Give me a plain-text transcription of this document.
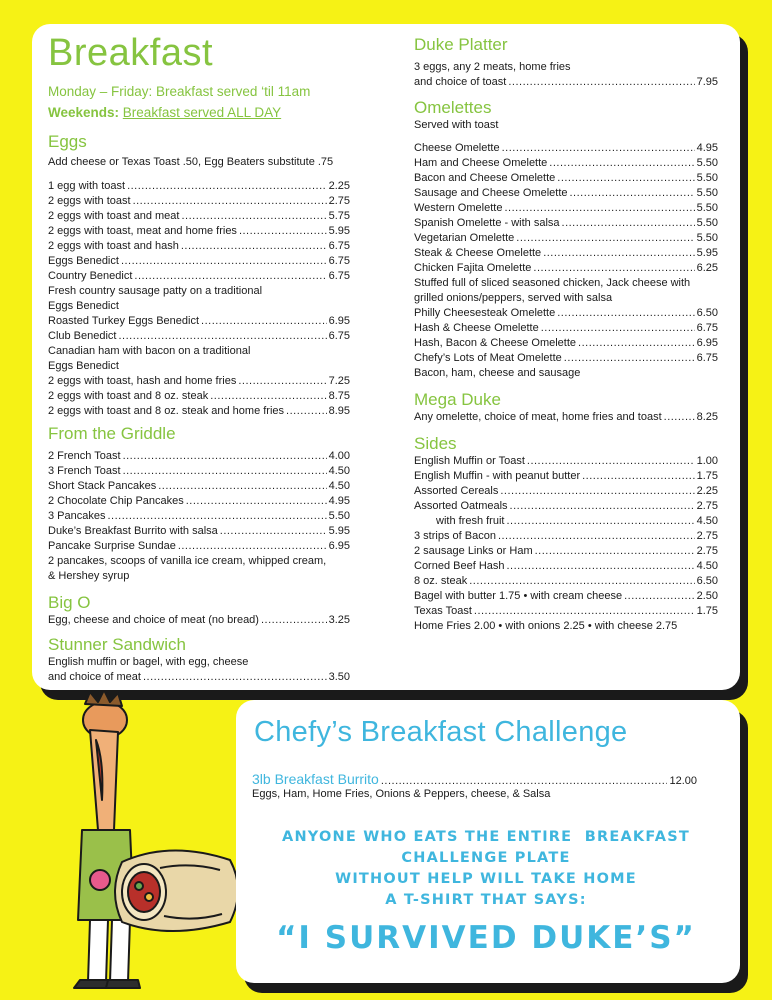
Breakfast
Monday – Friday: Breakfast served ‘til 11am
Weekends: Breakfast served ALL DAY
Eggs
Add cheese or Texas Toast .50, Egg Beaters substitute .75
1 egg with toast .....	2.25
2 eggs with toast .....	2.75
2 eggs with toast and meat .....	5.75
2 eggs with toast, meat and home fries .....	5.95
2 eggs with toast and hash .....	6.75
Eggs Benedict .....	6.75
Country Benedict .....	6.75
Fresh country sausage patty on a traditional
Eggs Benedict
Roasted Turkey Eggs Benedict .....	6.95
Club Benedict .....	6.75
Canadian ham with bacon on a traditional
Eggs Benedict
2 eggs with toast, hash and home fries .....	7.25
2 eggs with toast and 8 oz. steak .....	8.75
2 eggs with toast and 8 oz. steak and home fries .....	8.95
From the Griddle
2 French Toast .....	4.00
3 French Toast .....	4.50
Short Stack Pancakes .....	4.50
2 Chocolate Chip Pancakes .....	4.95
3 Pancakes .....	5.50
Duke’s Breakfast Burrito with salsa .....	5.95
Pancake Surprise Sundae .....	6.95
2 pancakes, scoops of vanilla ice cream, whipped cream,
& Hershey syrup
Big O
Egg, cheese and choice of meat (no bread) .....	3.25
Stunner Sandwich
English muffin or bagel, with egg, cheese
and choice of meat .....	3.50
Duke Platter
3 eggs, any 2 meats, home fries
and choice of toast .....	7.95
Omelettes
Served with toast
Cheese Omelette .....	4.95
Ham and Cheese Omelette .....	5.50
Bacon and Cheese Omelette .....	5.50
Sausage and Cheese Omelette .....	5.50
Western Omelette .....	5.50
Spanish Omelette - with salsa .....	5.50
Vegetarian Omelette .....	5.50
Steak & Cheese Omelette .....	5.95
Chicken Fajita Omelette .....	6.25
Stuffed full of sliced seasoned chicken, Jack cheese with
grilled onions/peppers, served with salsa
Philly Cheesesteak Omelette .....	6.50
Hash & Cheese Omelette .....	6.75
Hash, Bacon & Cheese Omelette .....	6.95
Chefy’s Lots of Meat Omelette .....	6.75
Bacon, ham, cheese and sausage
Mega Duke
Any omelette, choice of meat, home fries and toast .....	8.25
Sides
English Muffin or Toast .....	1.00
English Muffin - with peanut butter .....	1.75
Assorted Cereals .....	2.25
Assorted Oatmeals .....	2.75
with fresh fruit .....	4.50
3 strips of Bacon .....	2.75
2 sausage Links or Ham .....	2.75
Corned Beef Hash .....	4.50
8 oz. steak .....	6.50
Bagel with butter 1.75 • with cream cheese .....	2.50
Texas Toast .....	1.75
Home Fries 2.00 • with onions 2.25 • with cheese 2.75
Chefy’s Breakfast Challenge
3lb Breakfast Burrito .....	12.00
Eggs, Ham, Home Fries, Onions & Peppers, cheese, & Salsa
ANYONE WHO EATS THE ENTIRE  BREAKFAST
CHALLENGE PLATE
WITHOUT HELP WILL TAKE HOME
A T-SHIRT THAT SAYS:
“I SURVIVED DUKE’S”
